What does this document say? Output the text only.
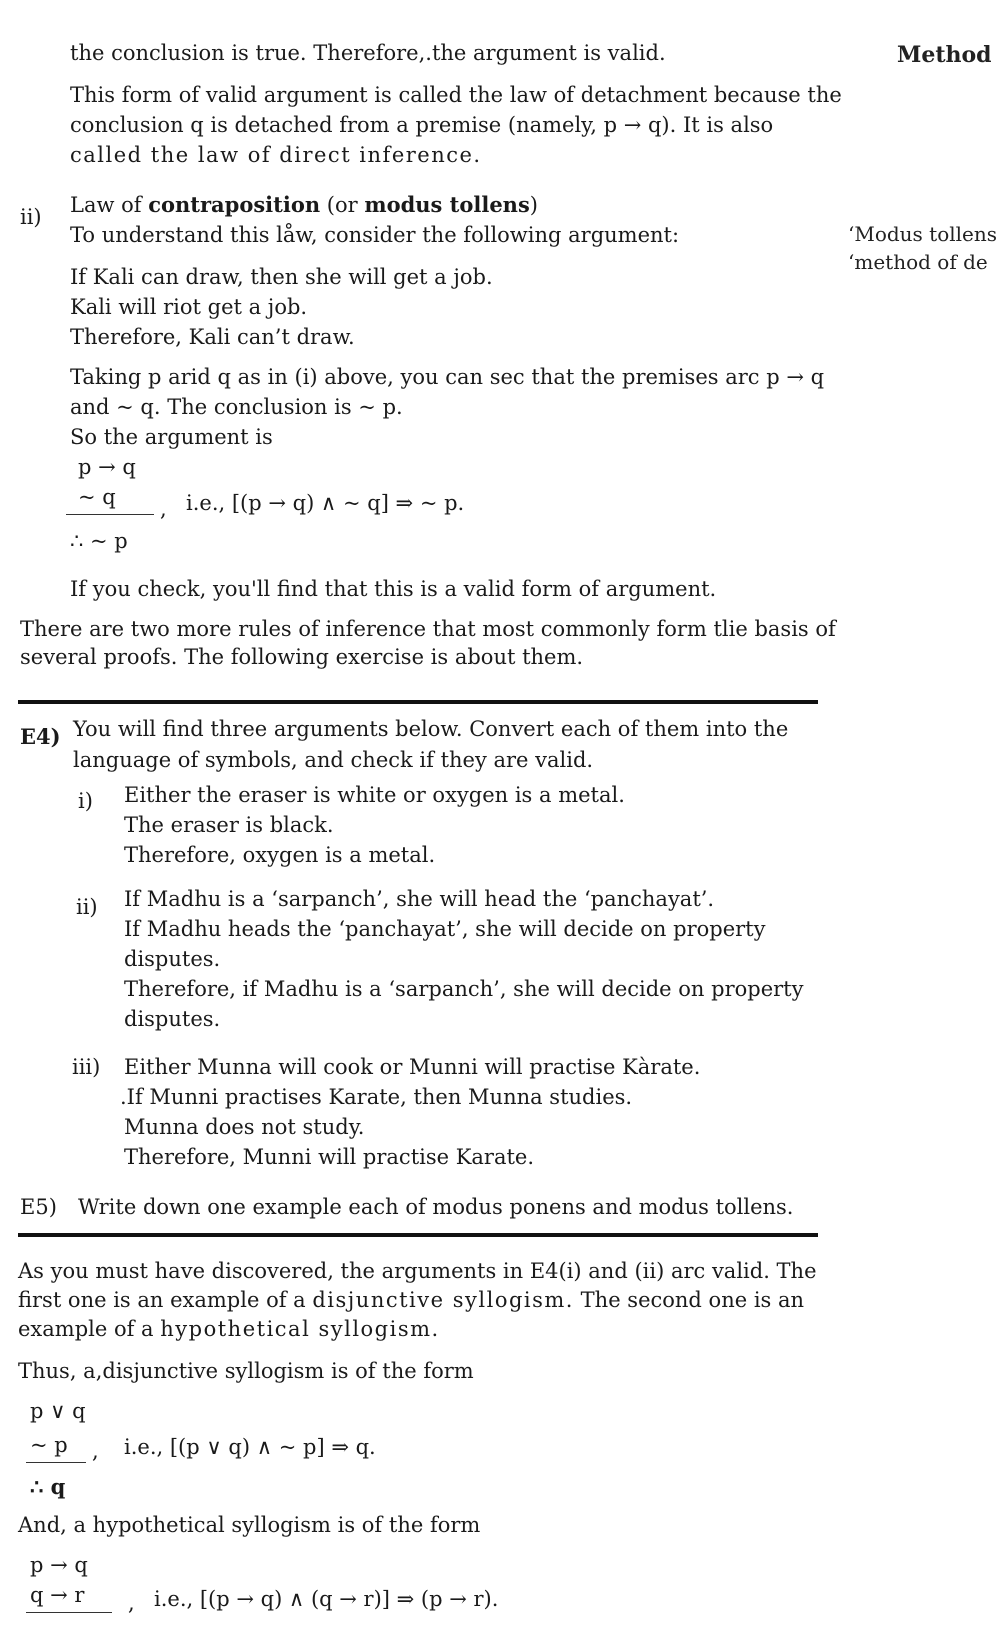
Method
‘Modus tollens
‘method of de
the conclusion is true. Therefore,.the argument is valid.
This form of valid argument is called the law of detachment because the
conclusion q is detached from a premise (namely, p → q). It is also
called the law of direct inference.
ii) Law of contraposition (or modus tollens)
To understand this låw, consider the following argument:
If Kali can draw, then she will get a job.
Kali will riot get a job.
Therefore, Kali can’t draw.
Taking p arid q as in (i) above, you can sec that the premises arc p → q
and ~ q. The conclusion is ~ p.
So the argument is
p → q
~ q , i.e., [(p → q) ∧ ~ q] ⇒ ~ p.
∴ ~ p
If you check, you'll find that this is a valid form of argument.
There are two more rules of inference that most commonly form tlie basis of
several proofs. The following exercise is about them.
E4) You will find three arguments below. Convert each of them into the
language of symbols, and check if they are valid.
i) Either the eraser is white or oxygen is a metal.
The eraser is black.
Therefore, oxygen is a metal.
ii) If Madhu is a ‘sarpanch’, she will head the ‘panchayat’.
If Madhu heads the ‘panchayat’, she will decide on property
disputes.
Therefore, if Madhu is a ‘sarpanch’, she will decide on property
disputes.
iii) Either Munna will cook or Munni will practise Kàrate.
.If Munni practises Karate, then Munna studies.
Munna does not study.
Therefore, Munni will practise Karate.
E5) Write down one example each of modus ponens and modus tollens.
As you must have discovered, the arguments in E4(i) and (ii) arc valid. The
first one is an example of a disjunctive syllogism. The second one is an
example of a hypothetical syllogism.
Thus, a,disjunctive syllogism is of the form
p ∨ q
~ p , i.e., [(p ∨ q) ∧ ~ p] ⇒ q.
∴ q
And, a hypothetical syllogism is of the form
p → q
q → r , i.e., [(p → q) ∧ (q → r)] ⇒ (p → r).
